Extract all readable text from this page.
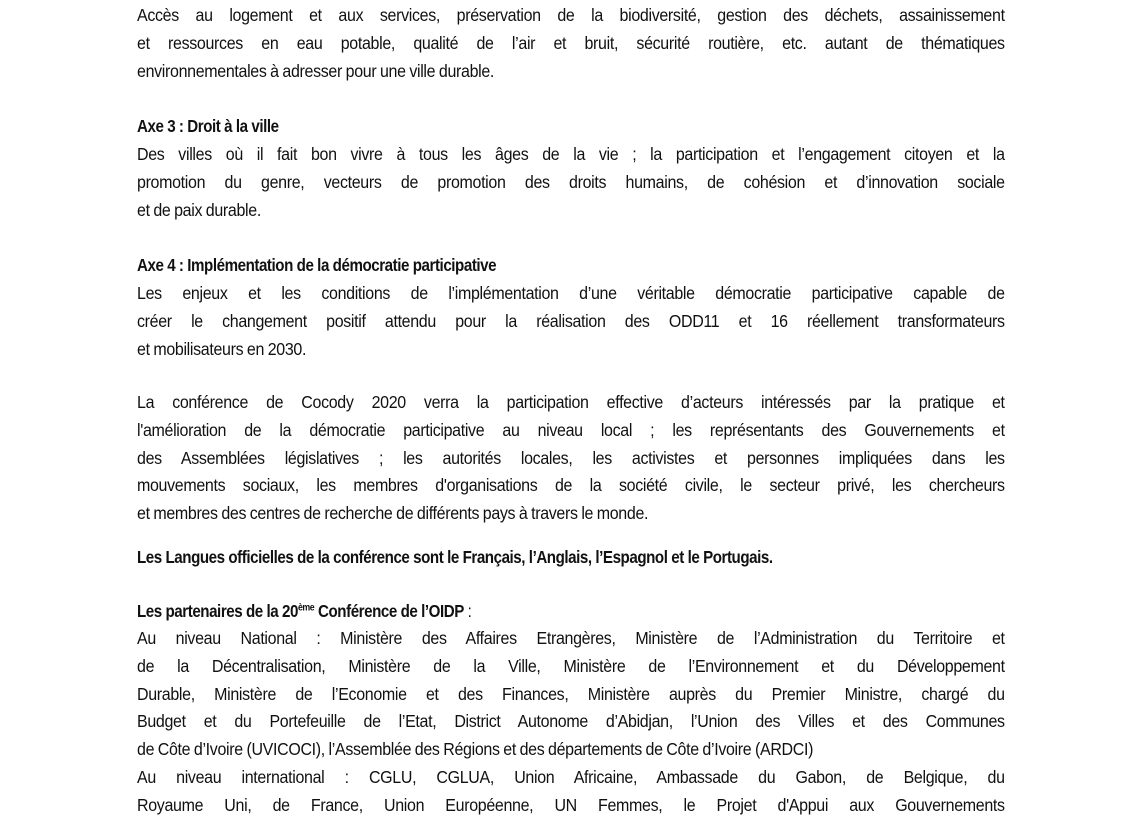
Accès au logement et aux services, préservation de la biodiversité, gestion des déchets, assainissement
et ressources en eau potable, qualité de l’air et bruit, sécurité routière, etc. autant de thématiques
environnementales à adresser pour une ville durable.
Axe 3 : Droit à la ville
Des villes où il fait bon vivre à tous les âges de la vie ; la participation et l’engagement citoyen et la
promotion du genre, vecteurs de promotion des droits humains, de cohésion et d’innovation sociale
et de paix durable.
Axe 4 : Implémentation de la démocratie participative
Les enjeux et les conditions de l’implémentation d’une véritable démocratie participative capable de
créer le changement positif attendu pour la réalisation des ODD11 et 16 réellement transformateurs
et mobilisateurs en 2030.
La conférence de Cocody 2020 verra la participation effective d’acteurs intéressés par la pratique et
l'amélioration de la démocratie participative au niveau local ; les représentants des Gouvernements et
des Assemblées législatives ; les autorités locales, les activistes et personnes impliquées dans les
mouvements sociaux, les membres d'organisations de la société civile, le secteur privé, les chercheurs
et membres des centres de recherche de différents pays à travers le monde.
Les Langues officielles de la conférence sont le Français, l’Anglais, l’Espagnol et le Portugais.
Les partenaires de la 20ème Conférence de l’OIDP :
Au niveau National : Ministère des Affaires Etrangères, Ministère de l’Administration du Territoire et
de la Décentralisation, Ministère de la Ville, Ministère de l’Environnement et du Développement
Durable, Ministère de l’Economie et des Finances, Ministère auprès du Premier Ministre, chargé du
Budget et du Portefeuille de l’Etat, District Autonome d’Abidjan, l’Union des Villes et des Communes
de Côte d’Ivoire (UVICOCI), l’Assemblée des Régions et des départements de Côte d’Ivoire (ARDCI)
Au niveau international : CGLU, CGLUA, Union Africaine, Ambassade du Gabon, de Belgique, du
Royaume Uni, de France, Union Européenne, UN Femmes, le Projet d'Appui aux Gouvernements
